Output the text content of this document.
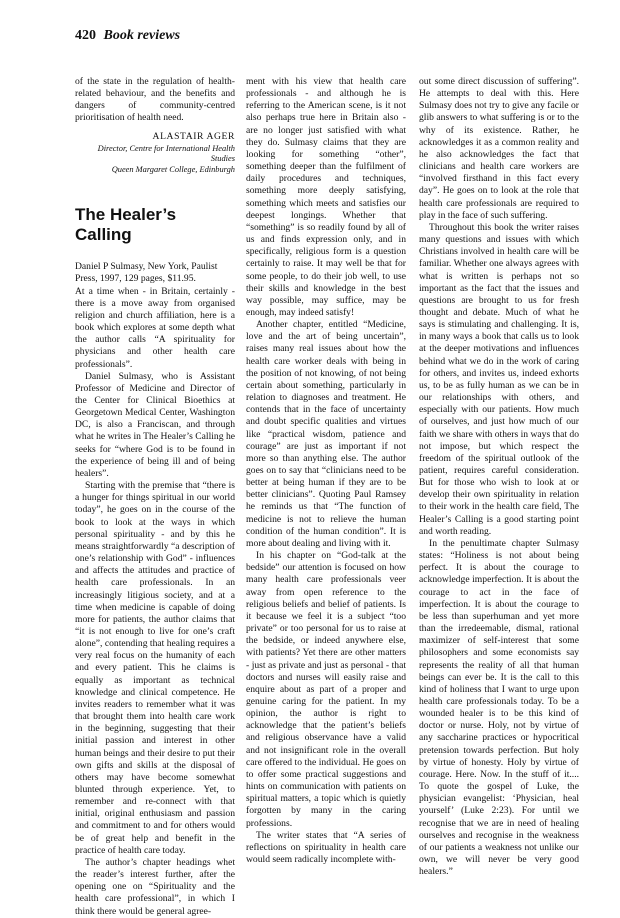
420 Book reviews

of the state in the regulation of health-related behaviour, and the benefits and dangers of community-centred prioritisation of health need.

ALASTAIR AGER
Director, Centre for International Health Studies
Queen Margaret College, Edinburgh
The Healer’s Calling

Daniel P Sulmasy, New York, Paulist Press, 1997, 129 pages, $11.95.

At a time when - in Britain, certainly - there is a move away from organised religion and church affiliation, here is a book which explores at some depth what the author calls “A spirituality for physicians and other health care professionals”.

Daniel Sulmasy, who is Assistant Professor of Medicine and Director of the Center for Clinical Bioethics at Georgetown Medical Center, Washington DC, is also a Franciscan, and through what he writes in The Healer’s Calling he seeks for “where God is to be found in the experience of being ill and of being healers”.

Starting with the premise that “there is a hunger for things spiritual in our world today”, he goes on in the course of the book to look at the ways in which personal spirituality - and by this he means straightforwardly “a description of one’s relationship with God” - influences and affects the attitudes and practice of health care professionals. In an increasingly litigious society, and at a time when medicine is capable of doing more for patients, the author claims that “it is not enough to live for one’s craft alone”, contending that healing requires a very real focus on the humanity of each and every patient. This he claims is equally as important as technical knowledge and clinical competence. He invites readers to remember what it was that brought them into health care work in the beginning, suggesting that their initial passion and interest in other human beings and their desire to put their own gifts and skills at the disposal of others may have become somewhat blunted through experience. Yet, to remember and re-connect with that initial, original enthusiasm and passion and commitment to and for others would be of great help and benefit in the practice of health care today.

The author’s chapter headings whet the reader’s interest further, after the opening one on “Spirituality and the health care professional”, in which I think there would be general agree-

ment with his view that health care professionals - and although he is referring to the American scene, is it not also perhaps true here in Britain also - are no longer just satisfied with what they do. Sulmasy claims that they are looking for something “other”, something deeper than the fulfilment of daily procedures and techniques, something more deeply satisfying, something which meets and satisfies our deepest longings. Whether that “something” is so readily found by all of us and finds expression only, and in specifically, religious form is a question certainly to raise. It may well be that for some people, to do their job well, to use their skills and knowledge in the best way possible, may suffice, may be enough, may indeed satisfy!

Another chapter, entitled “Medicine, love and the art of being uncertain”, raises many real issues about how the health care worker deals with being in the position of not knowing, of not being certain about something, particularly in relation to diagnoses and treatment. He contends that in the face of uncertainty and doubt specific qualities and virtues like “practical wisdom, patience and courage” are just as important if not more so than anything else. The author goes on to say that “clinicians need to be better at being human if they are to be better clinicians”. Quoting Paul Ramsey he reminds us that “The function of medicine is not to relieve the human condition of the human condition”. It is more about dealing and living with it.

In his chapter on “God-talk at the bedside” our attention is focused on how many health care professionals veer away from open reference to the religious beliefs and belief of patients. Is it because we feel it is a subject “too private” or too personal for us to raise at the bedside, or indeed anywhere else, with patients? Yet there are other matters - just as private and just as personal - that doctors and nurses will easily raise and enquire about as part of a proper and genuine caring for the patient. In my opinion, the author is right to acknowledge that the patient’s beliefs and religious observance have a valid and not insignificant role in the overall care offered to the individual. He goes on to offer some practical suggestions and hints on communication with patients on spiritual matters, a topic which is quietly forgotten by many in the caring professions.

The writer states that “A series of reflections on spirituality in health care would seem radically incomplete with-

out some direct discussion of suffering”. He attempts to deal with this. Here Sulmasy does not try to give any facile or glib answers to what suffering is or to the why of its existence. Rather, he acknowledges it as a common reality and he also acknowledges the fact that clinicians and health care workers are “involved firsthand in this fact every day”. He goes on to look at the role that health care professionals are required to play in the face of such suffering.

Throughout this book the writer raises many questions and issues with which Christians involved in health care will be familiar. Whether one always agrees with what is written is perhaps not so important as the fact that the issues and questions are brought to us for fresh thought and debate. Much of what he says is stimulating and challenging. It is, in many ways a book that calls us to look at the deeper motivations and influences behind what we do in the work of caring for others, and invites us, indeed exhorts us, to be as fully human as we can be in our relationships with others, and especially with our patients. How much of ourselves, and just how much of our faith we share with others in ways that do not impose, but which respect the freedom of the spiritual outlook of the patient, requires careful consideration. But for those who wish to look at or develop their own spirituality in relation to their work in the health care field, The Healer’s Calling is a good starting point and worth reading.

In the penultimate chapter Sulmasy states: “Holiness is not about being perfect. It is about the courage to acknowledge imperfection. It is about the courage to act in the face of imperfection. It is about the courage to be less than superhuman and yet more than the irredeemable, dismal, rational maximizer of self-interest that some philosophers and some economists say represents the reality of all that human beings can ever be. It is the call to this kind of holiness that I want to urge upon health care professionals today. To be a wounded healer is to be this kind of doctor or nurse. Holy, not by virtue of any saccharine practices or hypocritical pretension towards perfection. But holy by virtue of honesty. Holy by virtue of courage. Here. Now. In the stuff of it.... To quote the gospel of Luke, the physician evangelist: ‘Physician, heal yourself’ (Luke 2:23). For until we recognise that we are in need of healing ourselves and recognise in the weakness of our patients a weakness not unlike our own, we will never be very good healers.”
